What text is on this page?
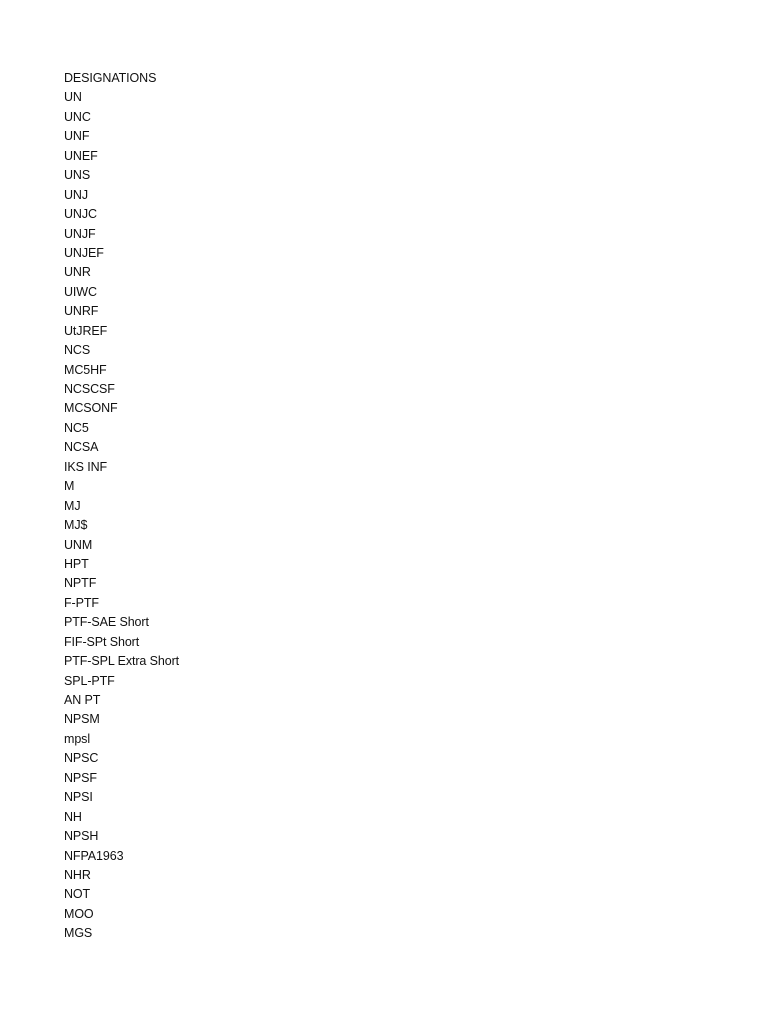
DESIGNATIONS
UN
UNC
UNF
UNEF
UNS
UNJ
UNJC
UNJF
UNJEF
UNR
UIWC
UNRF
UtJREF
NCS
MC5HF
NCSCSF
MCSONF
NC5
NCSA
IKS INF
M
MJ
MJ$
UNM
HPT
NPTF
F-PTF
PTF-SAE Short
FIF-SPt Short
PTF-SPL Extra Short
SPL-PTF
AN PT
NPSM
mpsl
NPSC
NPSF
NPSI
NH
NPSH
NFPA1963
NHR
NOT
MOO
MGS
